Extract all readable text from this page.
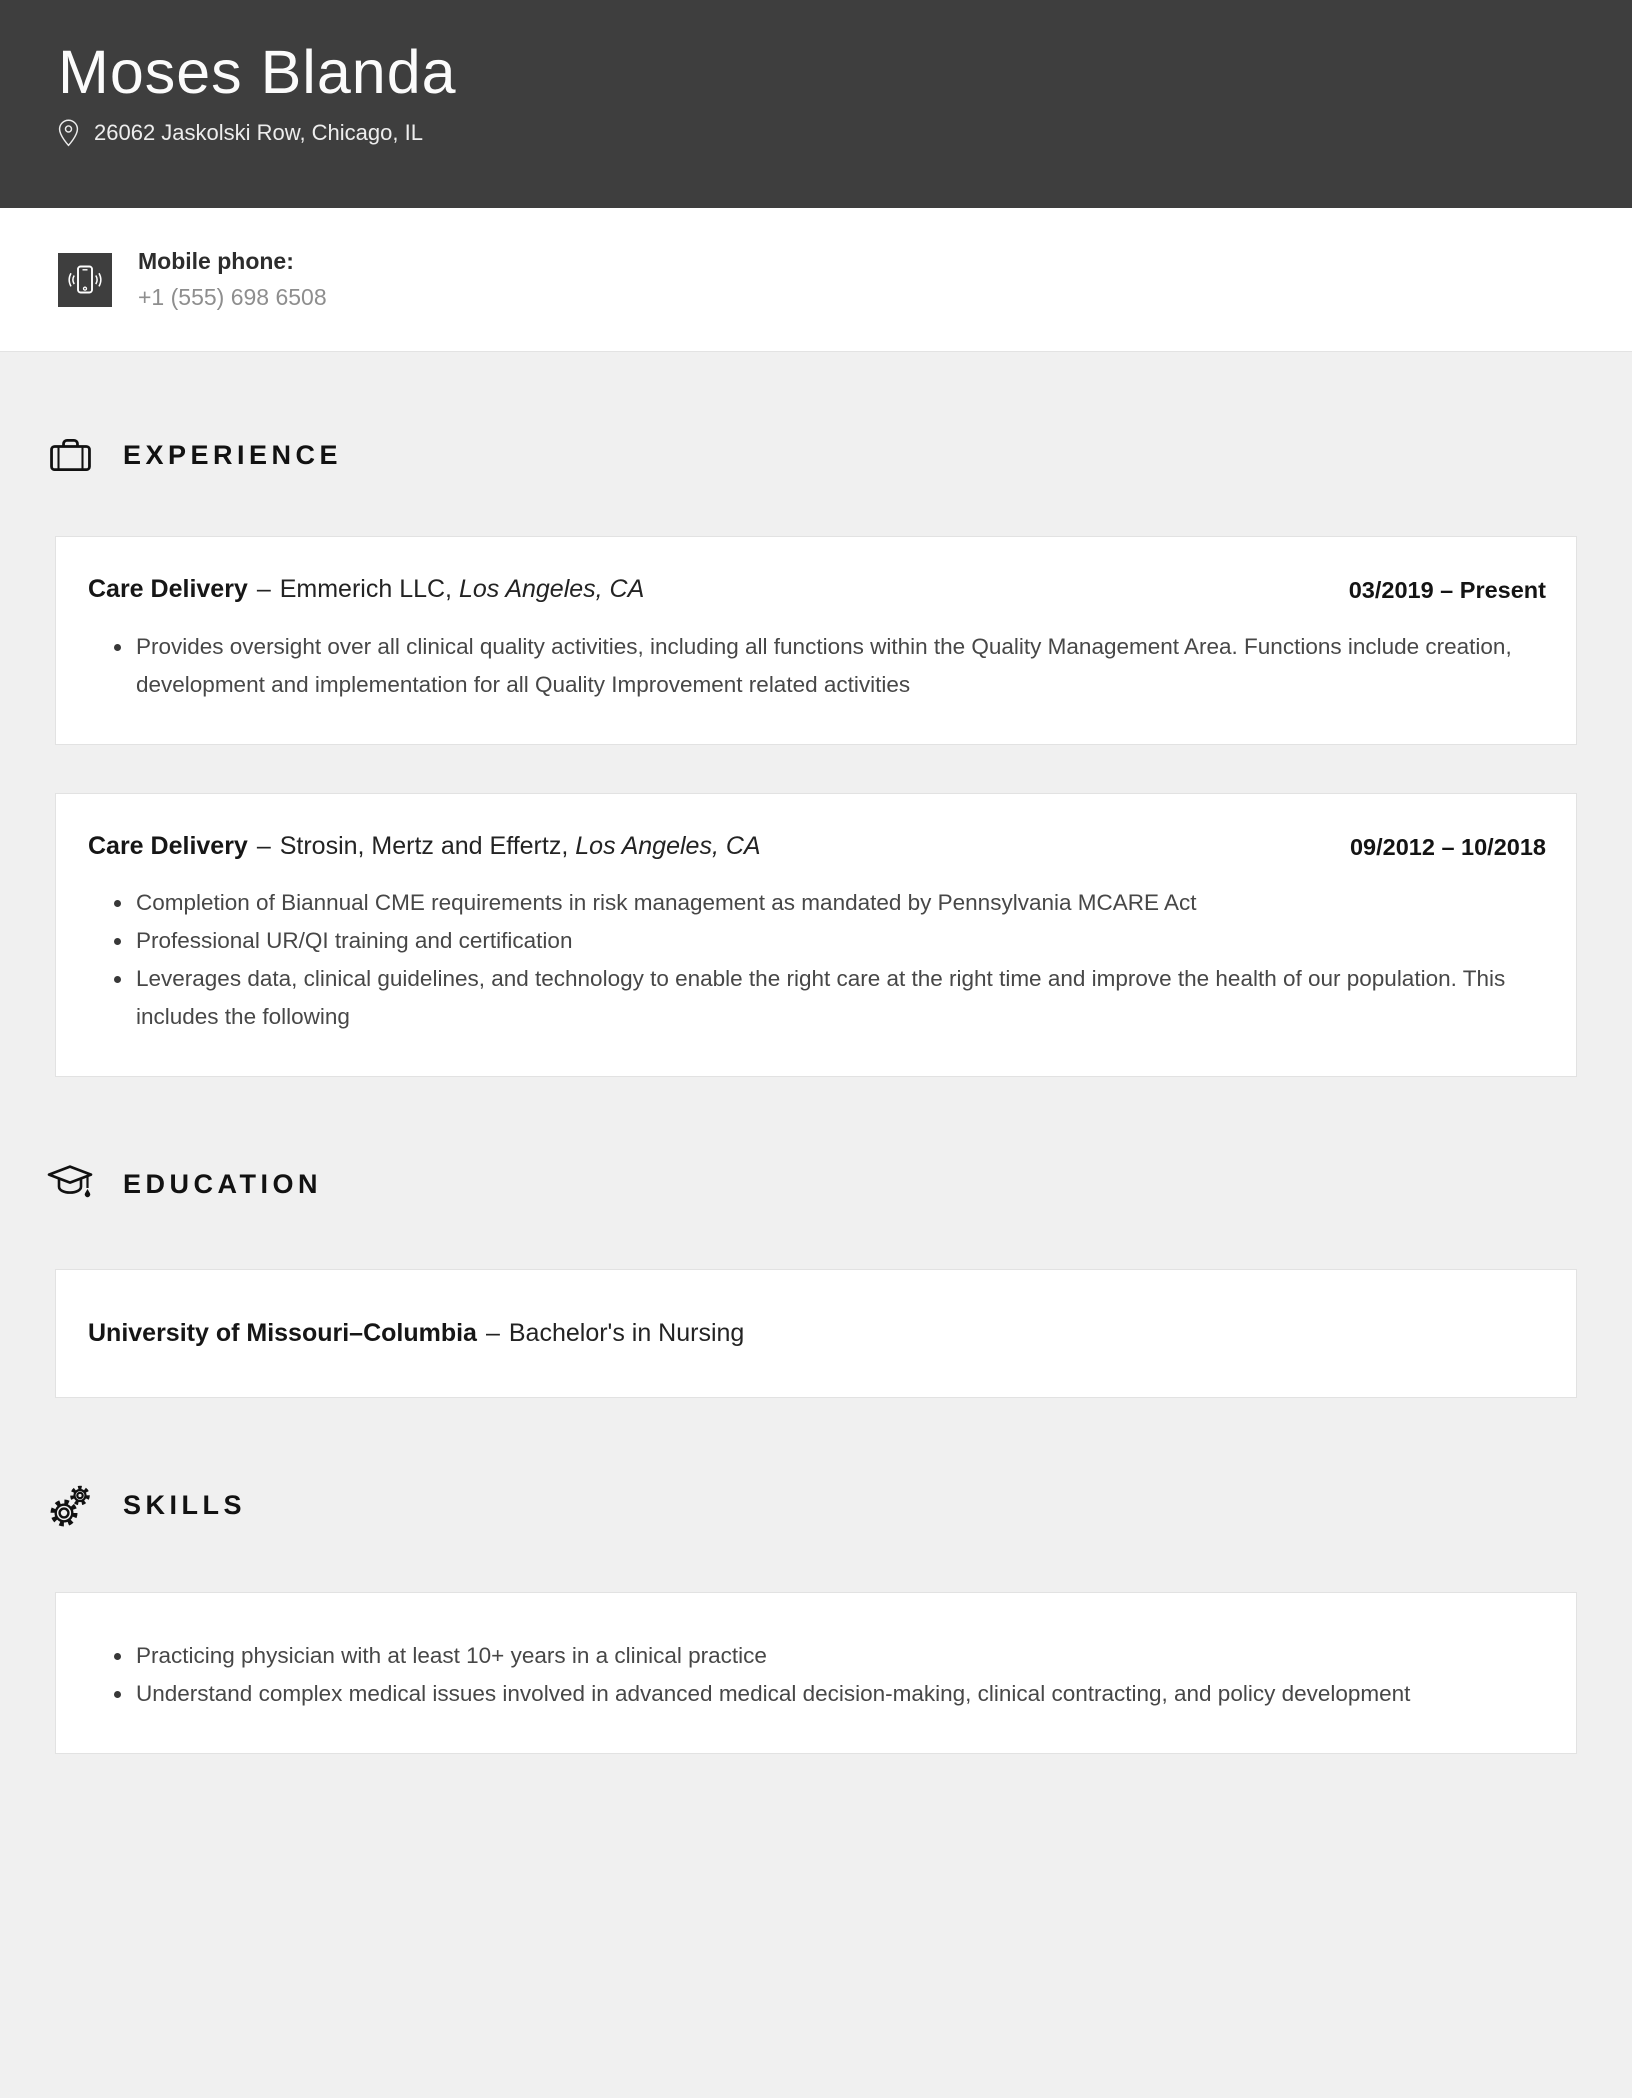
Moses Blanda
26062 Jaskolski Row, Chicago, IL
Mobile phone:
+1 (555) 698 6508
EXPERIENCE
Care Delivery – Emmerich LLC, Los Angeles, CA	03/2019 – Present
• Provides oversight over all clinical quality activities, including all functions within the Quality Management Area. Functions include creation, development and implementation for all Quality Improvement related activities
Care Delivery – Strosin, Mertz and Effertz, Los Angeles, CA	09/2012 – 10/2018
• Completion of Biannual CME requirements in risk management as mandated by Pennsylvania MCARE Act
• Professional UR/QI training and certification
• Leverages data, clinical guidelines, and technology to enable the right care at the right time and improve the health of our population. This includes the following
EDUCATION
University of Missouri–Columbia – Bachelor's in Nursing
SKILLS
• Practicing physician with at least 10+ years in a clinical practice
• Understand complex medical issues involved in advanced medical decision-making, clinical contracting, and policy development
